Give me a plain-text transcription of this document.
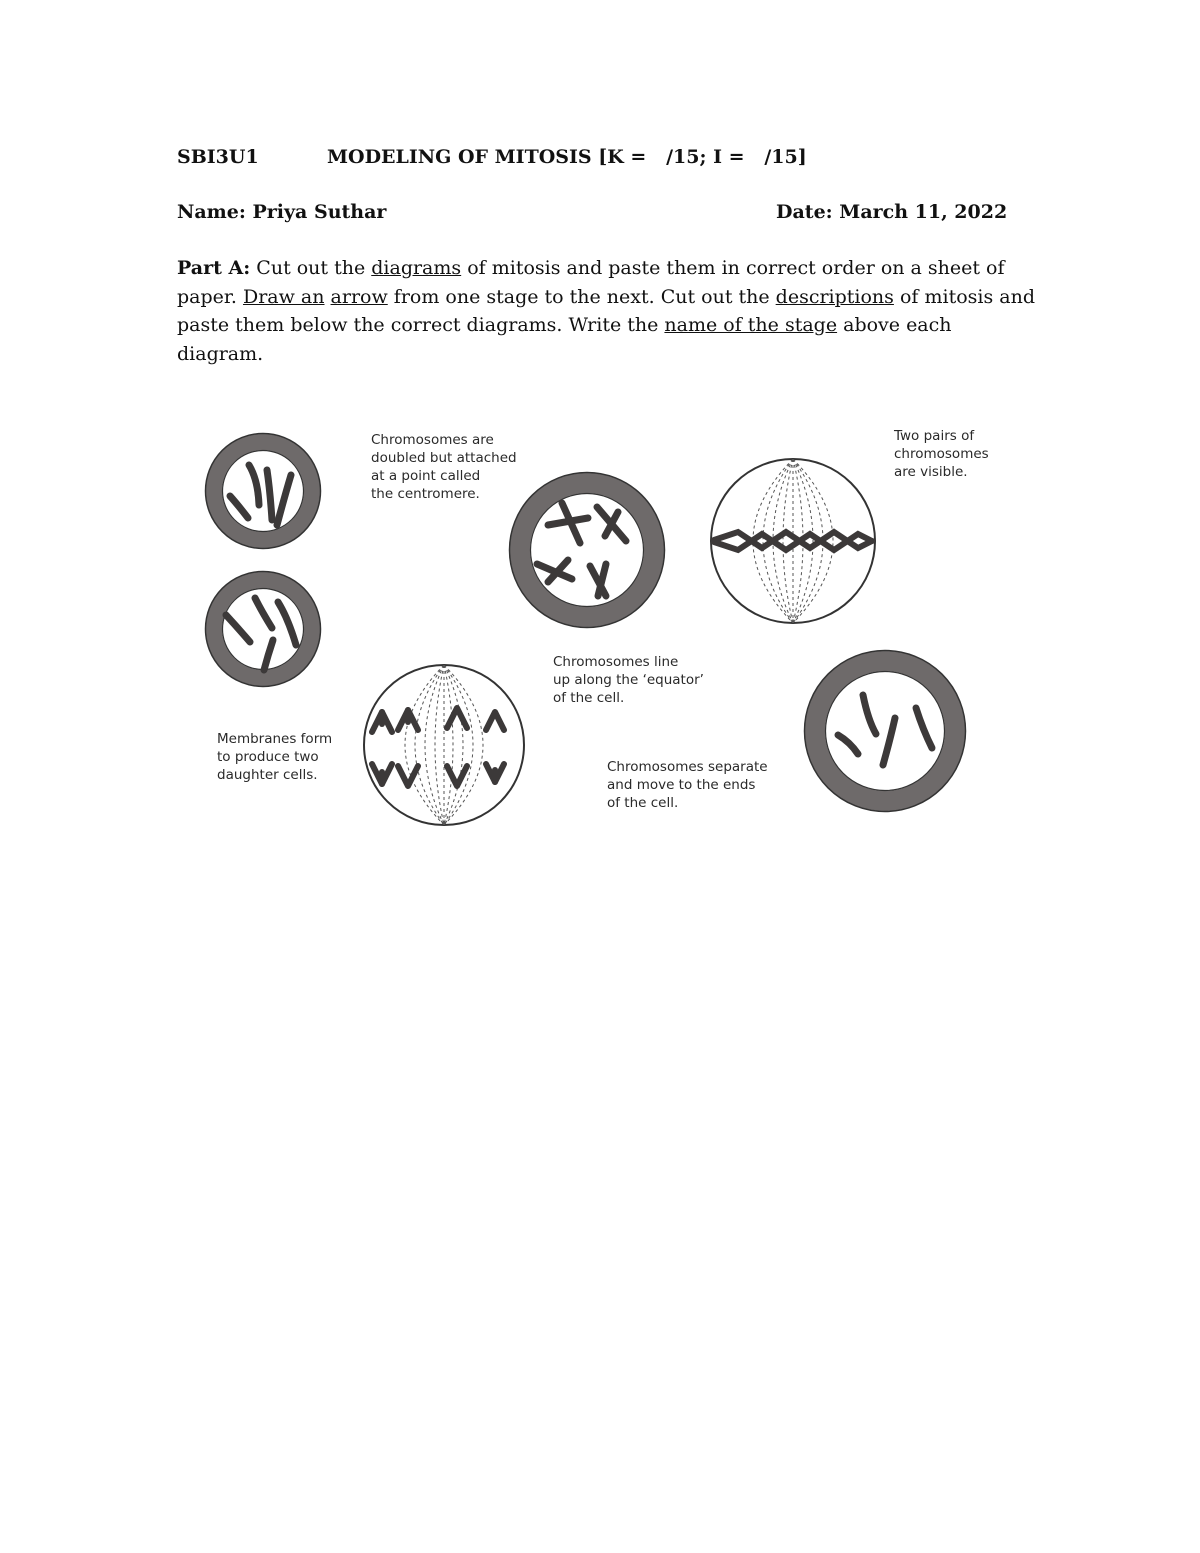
SBI3U1	MODELING OF MITOSIS [K =   /15; I =   /15]
Name: Priya Suthar	Date: March 11, 2022
Part A: Cut out the diagrams of mitosis and paste them in correct order on a sheet of paper. Draw an arrow from one stage to the next. Cut out the descriptions of mitosis and paste them below the correct diagrams. Write the name of the stage above each diagram.
Chromosomes are
doubled but attached
at a point called
the centromere.
Two pairs of
chromosomes
are visible.
Chromosomes line
up along the ‘equator’
of the cell.
Membranes form
to produce two
daughter cells.	Chromosomes separate
and move to the ends
of the cell.
